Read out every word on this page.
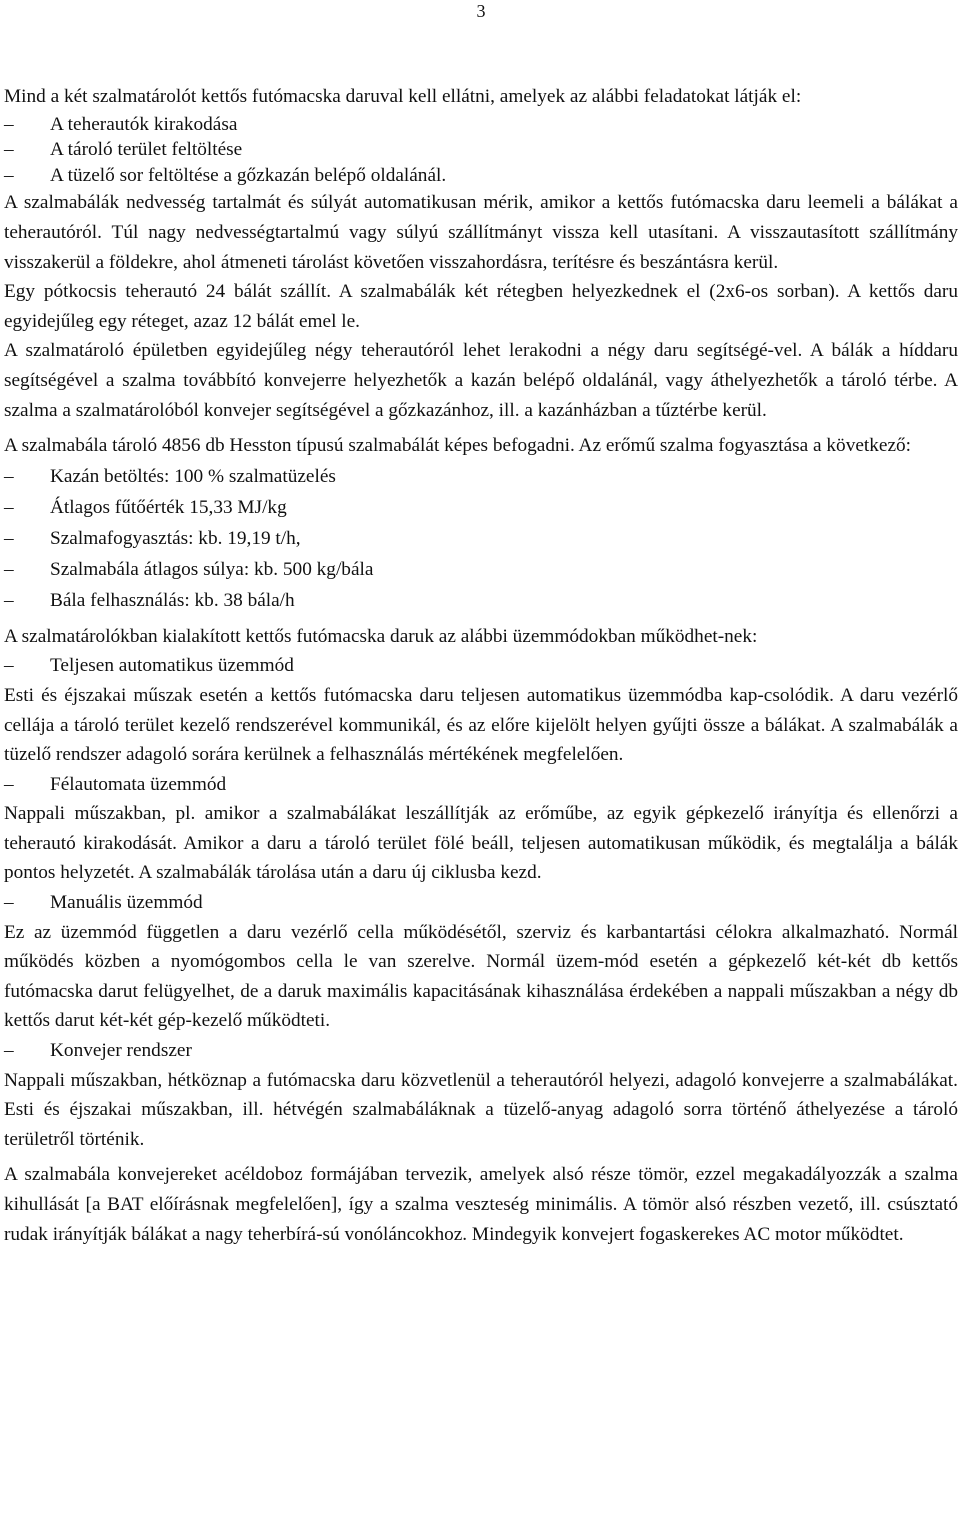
3

Mind a két szalmatárolót kettős futómacska daruval kell ellátni, amelyek az alábbi feladatokat látják el:

– A teherautók kirakodása
– A tároló terület feltöltése
– A tüzelő sor feltöltése a gőzkazán belépő oldalánál.

A szalmabálák nedvesség tartalmát és súlyát automatikusan mérik, amikor a kettős futómacska daru leemeli a bálákat a teherautóról. Túl nagy nedvességtartalmú vagy súlyú szállítmányt vissza kell utasítani. A visszautasított szállítmány visszakerül a földekre, ahol átmeneti tárolást követően visszahordásra, terítésre és beszántásra kerül.

Egy pótkocsis teherautó 24 bálát szállít. A szalmabálák két rétegben helyezkednek el (2x6-os sorban). A kettős daru egyidejűleg egy réteget, azaz 12 bálát emel le.

A szalmatároló épületben egyidejűleg négy teherautóról lehet lerakodni a négy daru segítségé-vel. A bálák a híddaru segítségével a szalma továbbító konvejerre helyezhetők a kazán belépő oldalánál, vagy áthelyezhetők a tároló térbe. A szalma a szalmatárolóból konvejer segítségével a gőzkazánhoz, ill. a kazánházban a tűztérbe kerül.

A szalmabála tároló 4856 db Hesston típusú szalmabálát képes befogadni. Az erőmű szalma fogyasztása a következő:

– Kazán betöltés: 100 % szalmatüzelés
– Átlagos fűtőérték 15,33 MJ/kg
– Szalmafogyasztás: kb. 19,19 t/h,
– Szalmabála átlagos súlya: kb. 500 kg/bála
– Bála felhasználás: kb. 38 bála/h

A szalmatárolókban kialakított kettős futómacska daruk az alábbi üzemmódokban működhet-nek:

– Teljesen automatikus üzemmód

Esti és éjszakai műszak esetén a kettős futómacska daru teljesen automatikus üzemmódba kap-csolódik. A daru vezérlő cellája a tároló terület kezelő rendszerével kommunikál, és az előre kijelölt helyen gyűjti össze a bálákat. A szalmabálák a tüzelő rendszer adagoló sorára kerülnek a felhasználás mértékének megfelelően.

– Félautomata üzemmód

Nappali műszakban, pl. amikor a szalmabálákat leszállítják az erőműbe, az egyik gépkezelő irányítja és ellenőrzi a teherautó kirakodását. Amikor a daru a tároló terület fölé beáll, teljesen automatikusan működik, és megtalálja a bálák pontos helyzetét. A szalmabálák tárolása után a daru új ciklusba kezd.

– Manuális üzemmód

Ez az üzemmód független a daru vezérlő cella működésétől, szerviz és karbantartási célokra alkalmazható. Normál működés közben a nyomógombos cella le van szerelve. Normál üzem-mód esetén a gépkezelő két-két db kettős futómacska darut felügyelhet, de a daruk maximális kapacitásának kihasználása érdekében a nappali műszakban a négy db kettős darut két-két gép-kezelő működteti.

– Konvejer rendszer

Nappali műszakban, hétköznap a futómacska daru közvetlenül a teherautóról helyezi, adagoló konvejerre a szalmabálákat. Esti és éjszakai műszakban, ill. hétvégén szalmabáláknak a tüzelő-anyag adagoló sorra történő áthelyezése a tároló területről történik.

A szalmabála konvejereket acéldoboz formájában tervezik, amelyek alsó része tömör, ezzel megakadályozzák a szalma kihullását [a BAT előírásnak megfelelően], így a szalma veszteség minimális. A tömör alsó részben vezető, ill. csúsztató rudak irányítják bálákat a nagy teherbírá-sú vonóláncokhoz. Mindegyik konvejert fogaskerekes AC motor működtet.
